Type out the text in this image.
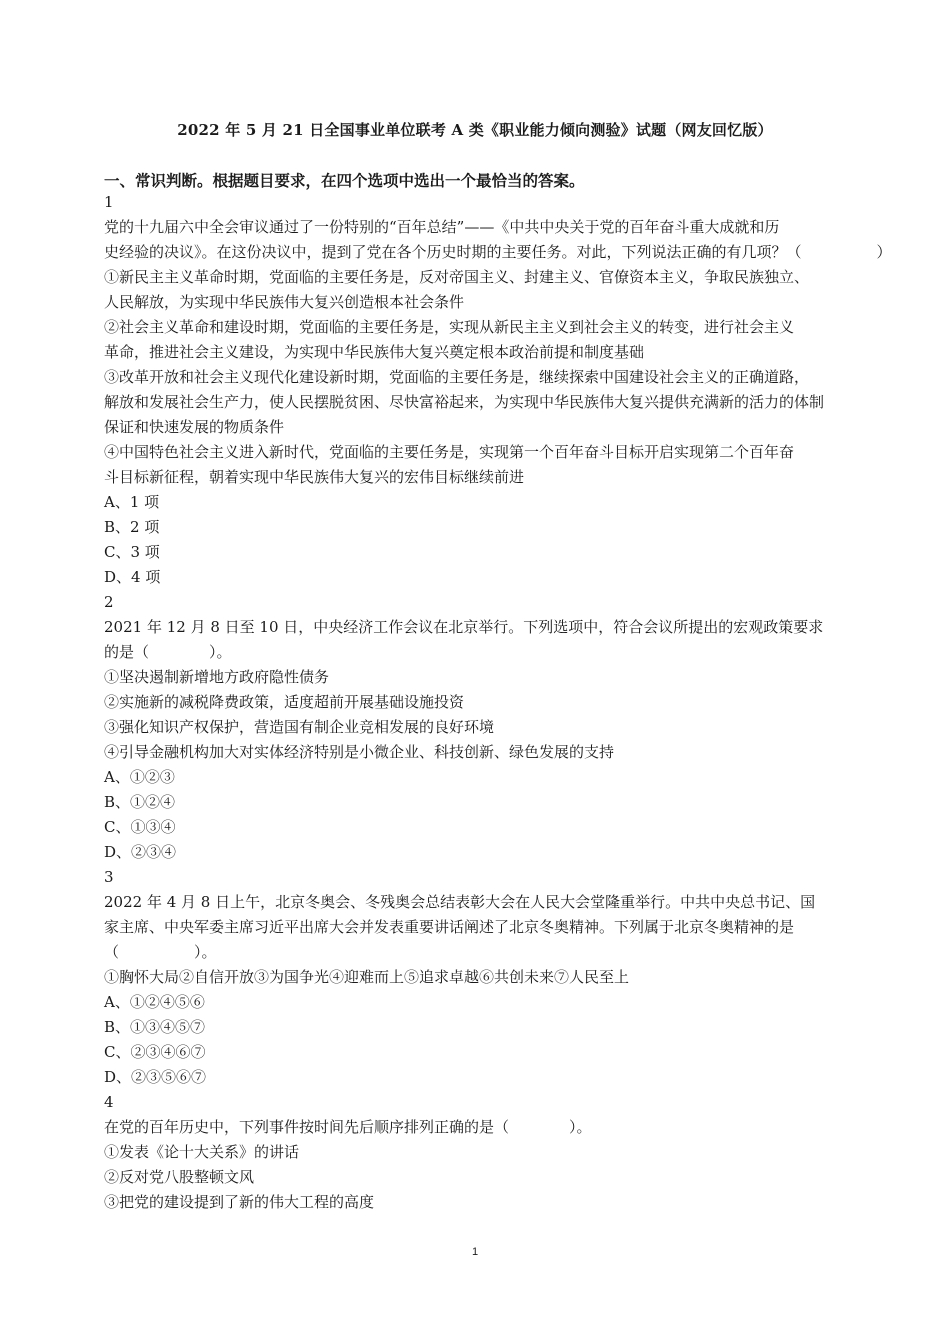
2022 年 5 月 21 日全国事业单位联考 A 类《职业能力倾向测验》试题（网友回忆版）
一、常识判断。根据题目要求，在四个选项中选出一个最恰当的答案。
1
党的十九届六中全会审议通过了一份特别的“百年总结”——《中共中央关于党的百年奋斗重大成就和历
史经验的决议》。在这份决议中，提到了党在各个历史时期的主要任务。对此，下列说法正确的有几项？（　　　　　）
①新民主主义革命时期，党面临的主要任务是，反对帝国主义、封建主义、官僚资本主义，争取民族独立、
人民解放，为实现中华民族伟大复兴创造根本社会条件
②社会主义革命和建设时期，党面临的主要任务是，实现从新民主主义到社会主义的转变，进行社会主义
革命，推进社会主义建设，为实现中华民族伟大复兴奠定根本政治前提和制度基础
③改革开放和社会主义现代化建设新时期，党面临的主要任务是，继续探索中国建设社会主义的正确道路，
解放和发展社会生产力，使人民摆脱贫困、尽快富裕起来，为实现中华民族伟大复兴提供充满新的活力的体制
保证和快速发展的物质条件
④中国特色社会主义进入新时代，党面临的主要任务是，实现第一个百年奋斗目标开启实现第二个百年奋
斗目标新征程，朝着实现中华民族伟大复兴的宏伟目标继续前进
A、1 项
B、2 项
C、3 项
D、4 项
2
2021 年 12 月 8 日至 10 日，中央经济工作会议在北京举行。下列选项中，符合会议所提出的宏观政策要求
的是（　　　　）。
①坚决遏制新增地方政府隐性债务
②实施新的减税降费政策，适度超前开展基础设施投资
③强化知识产权保护，营造国有制企业竞相发展的良好环境
④引导金融机构加大对实体经济特别是小微企业、科技创新、绿色发展的支持
A、①②③
B、①②④
C、①③④
D、②③④
3
2022 年 4 月 8 日上午，北京冬奥会、冬残奥会总结表彰大会在人民大会堂隆重举行。中共中央总书记、国
家主席、中央军委主席习近平出席大会并发表重要讲话阐述了北京冬奥精神。下列属于北京冬奥精神的是
（　　　　　）。
①胸怀大局②自信开放③为国争光④迎难而上⑤追求卓越⑥共创未来⑦人民至上
A、①②④⑤⑥
B、①③④⑤⑦
C、②③④⑥⑦
D、②③⑤⑥⑦
4
在党的百年历史中，下列事件按时间先后顺序排列正确的是（　　　　）。
①发表《论十大关系》的讲话
②反对党八股整顿文风
③把党的建设提到了新的伟大工程的高度
1
